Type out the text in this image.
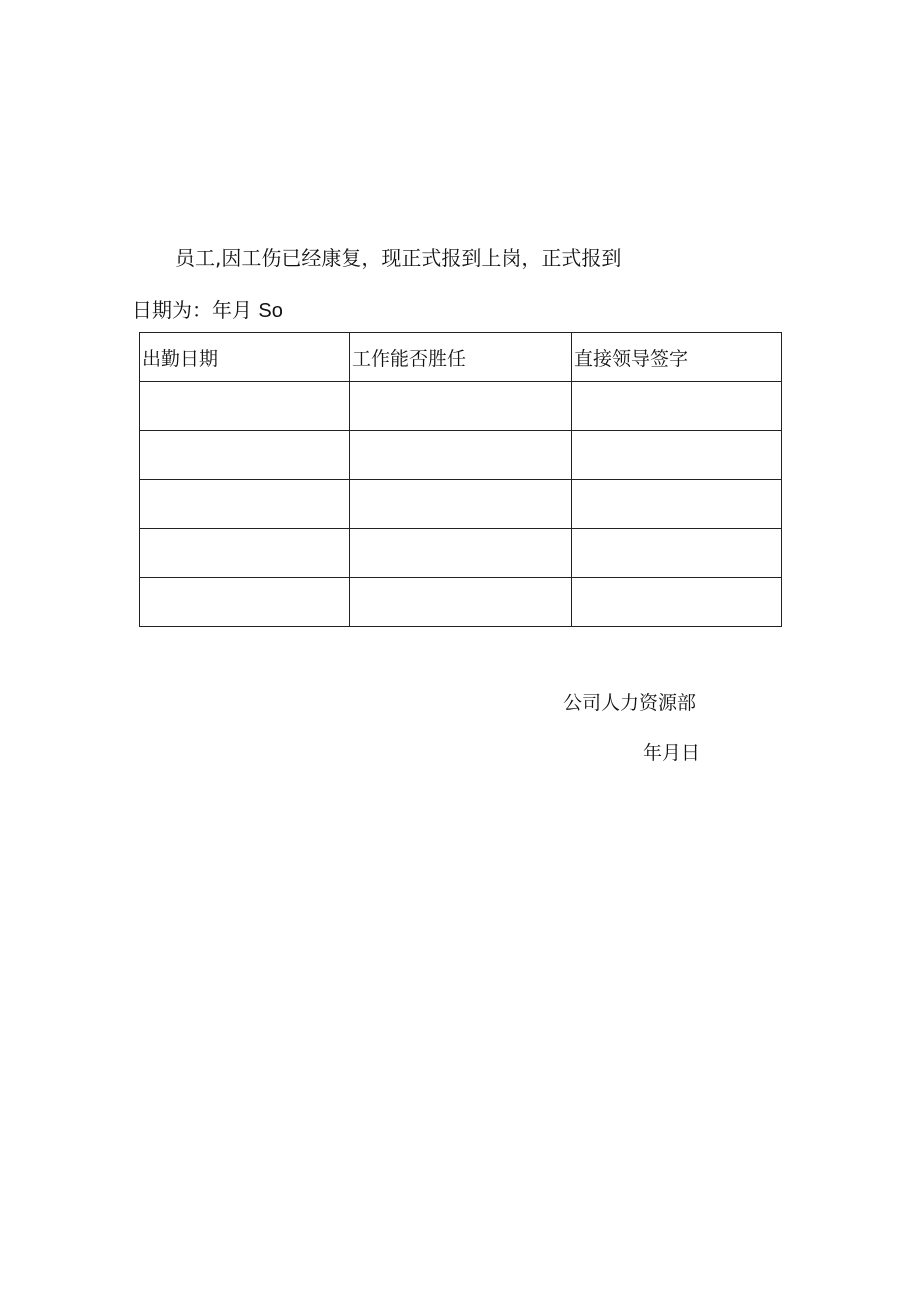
员工,因工伤已经康复，现正式报到上岗，正式报到
日期为：年月 So
出勤日期	工作能否胜任	直接领导签字

公司人力资源部
年月日
